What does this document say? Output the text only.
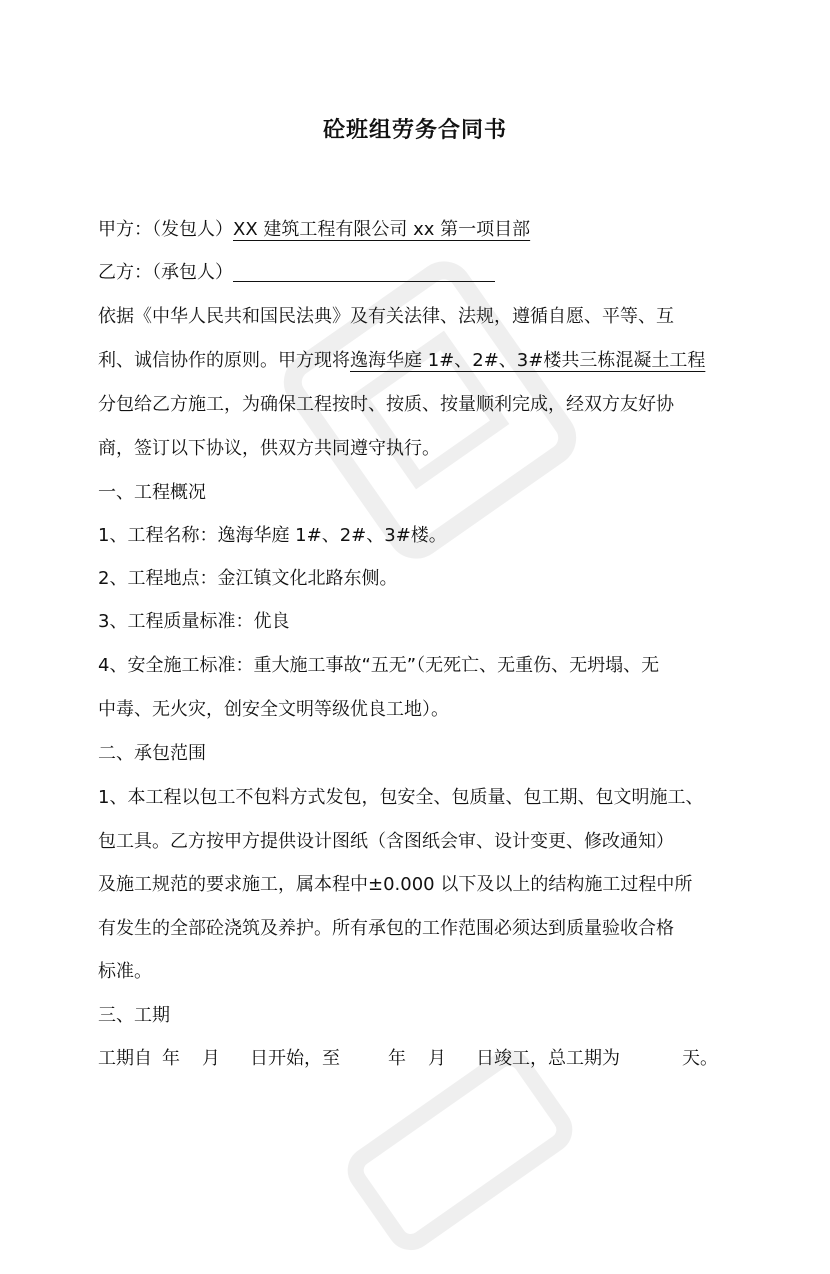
砼班组劳务合同书
甲方：（发包人）XX 建筑工程有限公司 xx 第一项目部
乙方：（承包人）
依据《中华人民共和国民法典》及有关法律、法规，遵循自愿、平等、互
利、诚信协作的原则。甲方现将逸海华庭 1#、2#、3#楼共三栋混凝土工程
分包给乙方施工，为确保工程按时、按质、按量顺利完成，经双方友好协
商，签订以下协议，供双方共同遵守执行。
一、工程概况
1、工程名称：逸海华庭 1#、2#、3#楼。
2、工程地点：金江镇文化北路东侧。
3、工程质量标准：优良
4、安全施工标准：重大施工事故“五无”（无死亡、无重伤、无坍塌、无
中毒、无火灾，创安全文明等级优良工地）。
二、承包范围
1、本工程以包工不包料方式发包，包安全、包质量、包工期、包文明施工、
包工具。乙方按甲方提供设计图纸（含图纸会审、设计变更、修改通知）
及施工规范的要求施工，属本程中±0.000 以下及以上的结构施工过程中所
有发生的全部砼浇筑及养护。所有承包的工作范围必须达到质量验收合格
标准。
三、工期
工期自 年 月 日开始，至	年 月 日竣工，总工期为	天。
